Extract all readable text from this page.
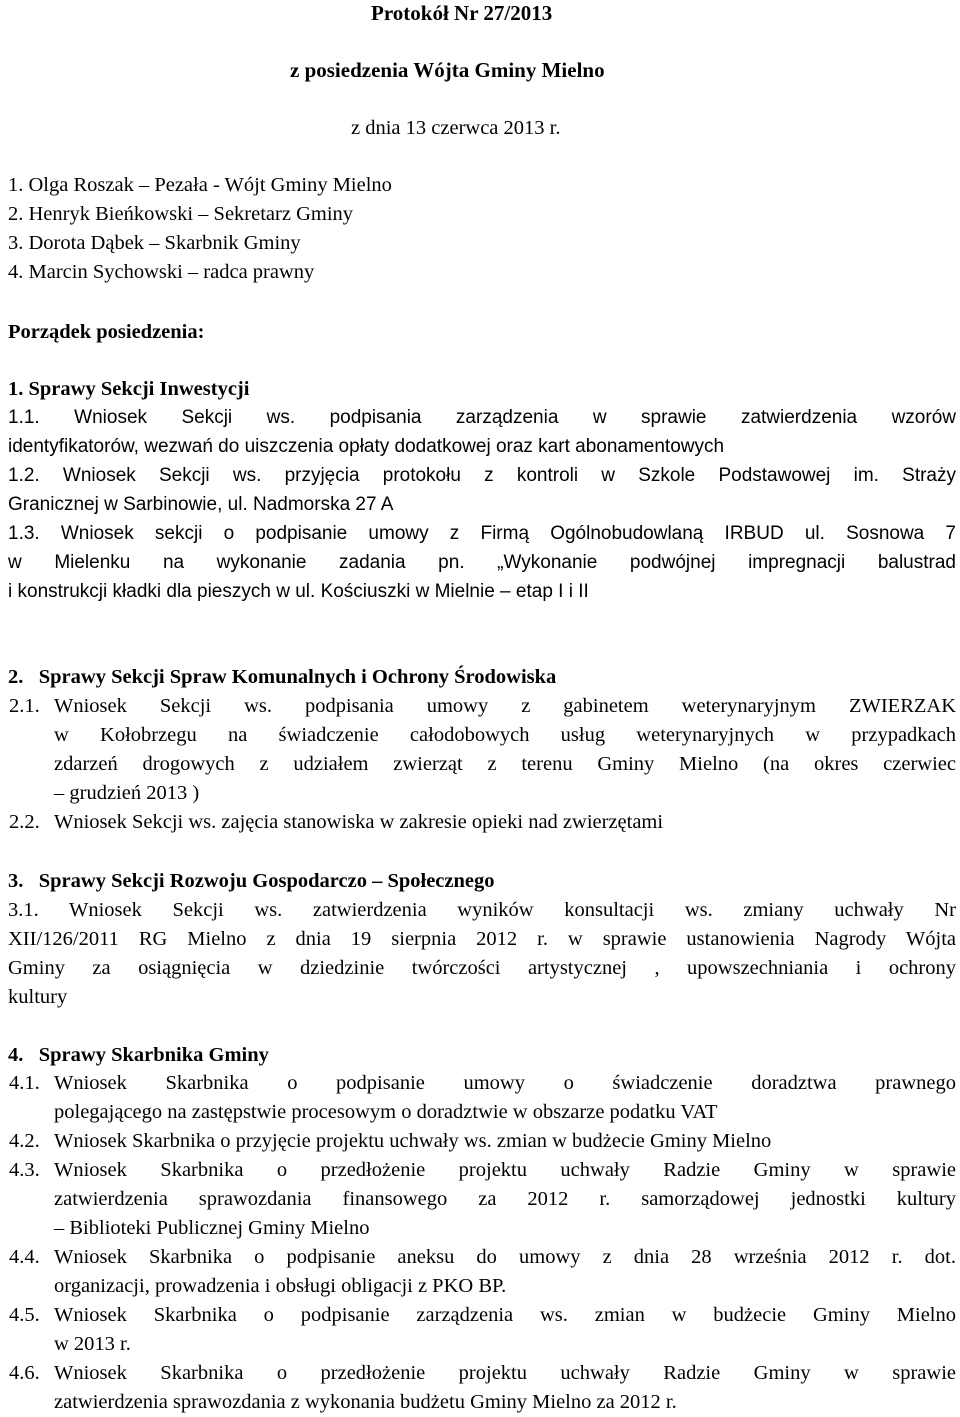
Protokół Nr 27/2013
z posiedzenia Wójta Gminy Mielno
z dnia 13 czerwca 2013 r.
1. Olga Roszak – Pezała - Wójt Gminy Mielno
2. Henryk Bieńkowski – Sekretarz Gminy
3. Dorota Dąbek – Skarbnik Gminy
4. Marcin Sychowski – radca prawny
Porządek posiedzenia:
1. Sprawy Sekcji Inwestycji
1.1. Wniosek Sekcji ws. podpisania zarządzenia w sprawie zatwierdzenia wzorów
identyfikatorów, wezwań do uiszczenia opłaty dodatkowej oraz kart abonamentowych
1.2. Wniosek Sekcji ws. przyjęcia protokołu z kontroli w Szkole Podstawowej im. Straży
Granicznej w Sarbinowie, ul. Nadmorska 27 A
1.3. Wniosek sekcji o podpisanie umowy z Firmą Ogólnobudowlaną IRBUD ul. Sosnowa 7
w Mielenku na wykonanie zadania pn. „Wykonanie podwójnej impregnacji balustrad
i konstrukcji kładki dla pieszych w ul. Kościuszki w Mielnie – etap I i II
2.   Sprawy Sekcji Spraw Komunalnych i Ochrony Środowiska
2.1. Wniosek Sekcji ws. podpisania umowy z gabinetem weterynaryjnym ZWIERZAK
w Kołobrzegu na świadczenie całodobowych usług weterynaryjnych w przypadkach
zdarzeń drogowych z udziałem zwierząt z terenu Gminy Mielno (na okres czerwiec
– grudzień 2013 )
2.2. Wniosek Sekcji ws. zajęcia stanowiska w zakresie opieki nad zwierzętami
3.   Sprawy Sekcji Rozwoju Gospodarczo – Społecznego
3.1. Wniosek Sekcji ws. zatwierdzenia wyników konsultacji ws. zmiany uchwały Nr
XII/126/2011 RG Mielno z dnia 19 sierpnia 2012 r. w sprawie ustanowienia Nagrody Wójta
Gminy za osiągnięcia w dziedzinie twórczości artystycznej , upowszechniania i ochrony
kultury
4.   Sprawy Skarbnika Gminy
4.1. Wniosek Skarbnika o podpisanie umowy o świadczenie doradztwa prawnego
polegającego na zastępstwie procesowym o doradztwie w obszarze podatku VAT
4.2. Wniosek Skarbnika o przyjęcie projektu uchwały ws. zmian w budżecie Gminy Mielno
4.3. Wniosek Skarbnika o przedłożenie projektu uchwały Radzie Gminy w sprawie
zatwierdzenia sprawozdania finansowego za 2012 r. samorządowej jednostki kultury
– Biblioteki Publicznej Gminy Mielno
4.4. Wniosek Skarbnika o podpisanie aneksu do umowy z dnia 28 września 2012 r. dot.
organizacji, prowadzenia i obsługi obligacji z PKO BP.
4.5. Wniosek Skarbnika o podpisanie zarządzenia ws. zmian w budżecie Gminy Mielno
w 2013 r.
4.6. Wniosek Skarbnika o przedłożenie projektu uchwały Radzie Gminy w sprawie
zatwierdzenia sprawozdania z wykonania budżetu Gminy Mielno za 2012 r.
